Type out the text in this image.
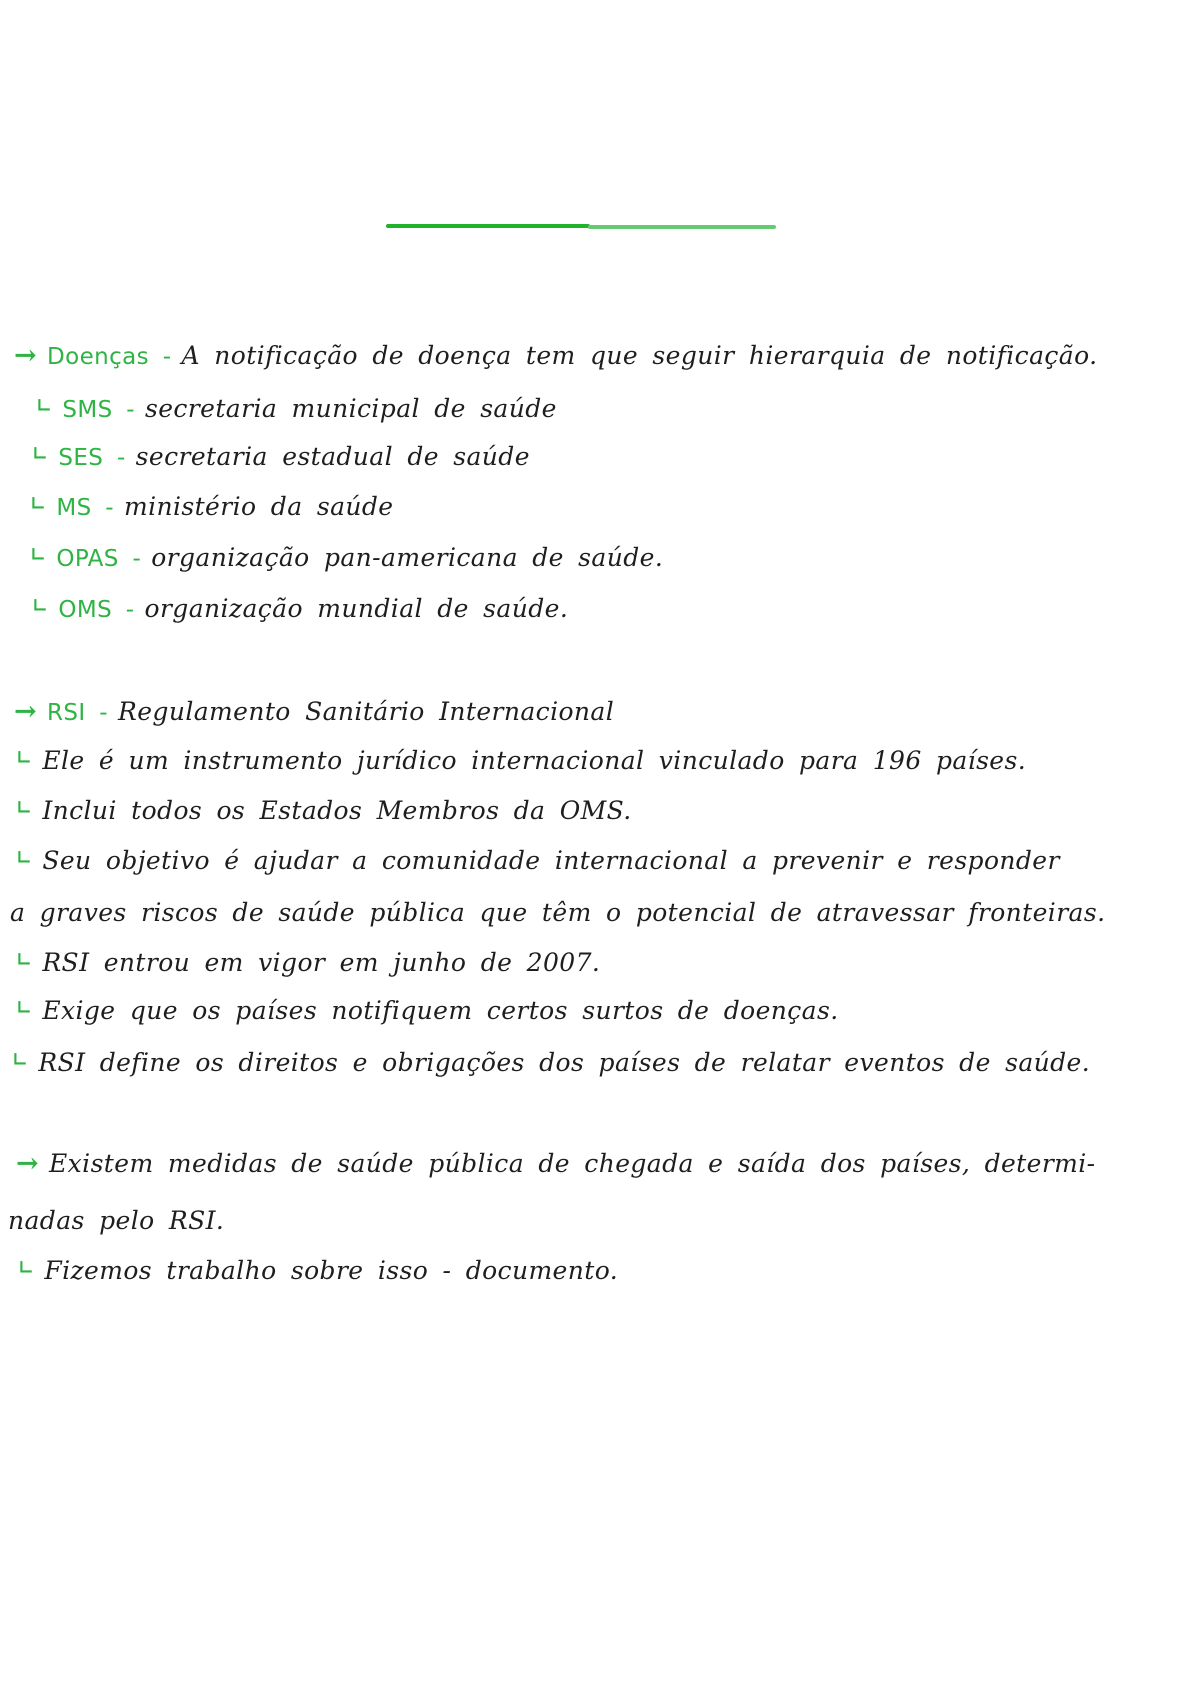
→ Doenças - A notificação de doença tem que seguir hierarquia de notificação.
∟ SMS - secretaria municipal de saúde
∟ SES - secretaria estadual de saúde
∟ MS - ministério da saúde
∟ OPAS - organização pan-americana de saúde.
∟ OMS - organização mundial de saúde.
→ RSI - Regulamento Sanitário Internacional
∟ Ele é um instrumento jurídico internacional vinculado para 196 países.
∟ Inclui todos os Estados Membros da OMS.
∟ Seu objetivo é ajudar a comunidade internacional a prevenir e responder
a graves riscos de saúde pública que têm o potencial de atravessar fronteiras.
∟ RSI entrou em vigor em junho de 2007.
∟ Exige que os países notifiquem certos surtos de doenças.
∟ RSI define os direitos e obrigações dos países de relatar eventos de saúde.
→ Existem medidas de saúde pública de chegada e saída dos países, determi-
nadas pelo RSI.
∟ Fizemos trabalho sobre isso - documento.
